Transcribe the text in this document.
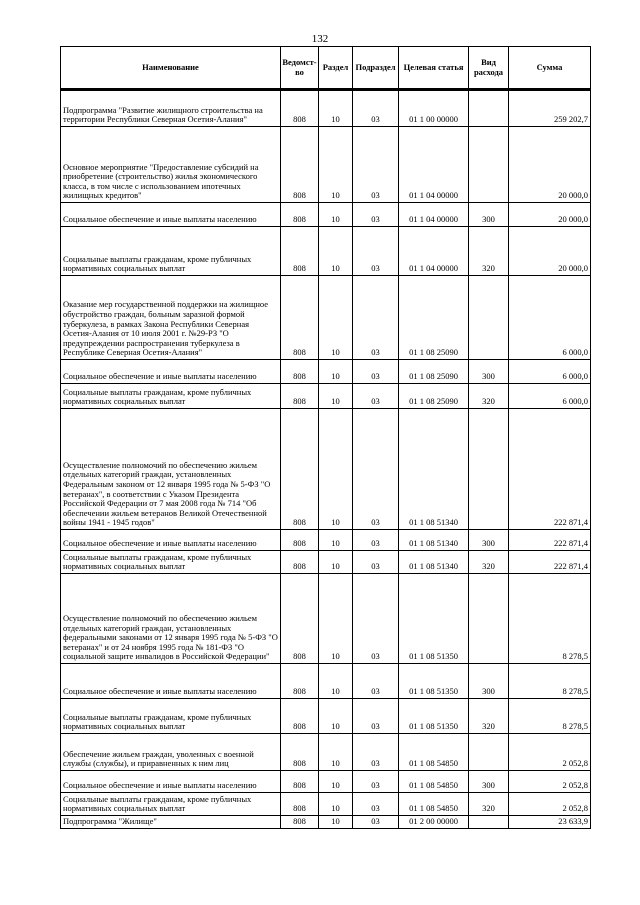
132
Наименование	Ведомст-во	Раздел	Подраздел	Целевая статья	Вид расхода	Сумма
Подпрограмма "Развитие жилищного строительства на территории Республики Северная Осетия-Алания"	808	10	03	01 1 00 00000		259 202,7
Основное мероприятие "Предоставление субсидий на приобретение (строительство) жилья экономического класса, в том числе с использованием ипотечных жилищных кредитов"	808	10	03	01 1 04 00000		20 000,0
Социальное обеспечение и иные выплаты населению	808	10	03	01 1 04 00000	300	20 000,0
Социальные выплаты гражданам, кроме публичных нормативных социальных выплат	808	10	03	01 1 04 00000	320	20 000,0
Оказание мер государственной поддержки на жилищное обустройство граждан, больным заразной формой туберкулеза, в рамках Закона Республики Северная Осетия-Алания от 10 июля 2001 г. №29-РЗ "О предупреждении распространения туберкулеза в Республике Северная Осетия-Алания"	808	10	03	01 1 08 25090		6 000,0
Социальное обеспечение и иные выплаты населению	808	10	03	01 1 08 25090	300	6 000,0
Социальные выплаты гражданам, кроме публичных нормативных социальных выплат	808	10	03	01 1 08 25090	320	6 000,0
Осуществление полномочий по обеспечению жильем отдельных категорий граждан, установленных Федеральным законом от 12 января 1995 года № 5-ФЗ "О ветеранах", в соответствии с Указом Президента Российской Федерации от 7 мая 2008 года № 714 "Об обеспечении жильем ветеранов Великой Отечественной войны 1941 - 1945 годов"	808	10	03	01 1 08 51340		222 871,4
Социальное обеспечение и иные выплаты населению	808	10	03	01 1 08 51340	300	222 871,4
Социальные выплаты гражданам, кроме публичных нормативных социальных выплат	808	10	03	01 1 08 51340	320	222 871,4
Осуществление полномочий по обеспечению жильем отдельных категорий граждан, установленных федеральными законами от 12 января 1995 года № 5-ФЗ "О ветеранах" и от 24 ноября 1995 года № 181-ФЗ "О социальной защите инвалидов в Российской Федерации"	808	10	03	01 1 08 51350		8 278,5
Социальное обеспечение и иные выплаты населению	808	10	03	01 1 08 51350	300	8 278,5
Социальные выплаты гражданам, кроме публичных нормативных социальных выплат	808	10	03	01 1 08 51350	320	8 278,5
Обеспечение жильем граждан, уволенных с военной службы (службы), и приравненных к ним лиц	808	10	03	01 1 08 54850		2 052,8
Социальное обеспечение и иные выплаты населению	808	10	03	01 1 08 54850	300	2 052,8
Социальные выплаты гражданам, кроме публичных нормативных социальных выплат	808	10	03	01 1 08 54850	320	2 052,8
Подпрограмма "Жилище"	808	10	03	01 2 00 00000		23 633,9
